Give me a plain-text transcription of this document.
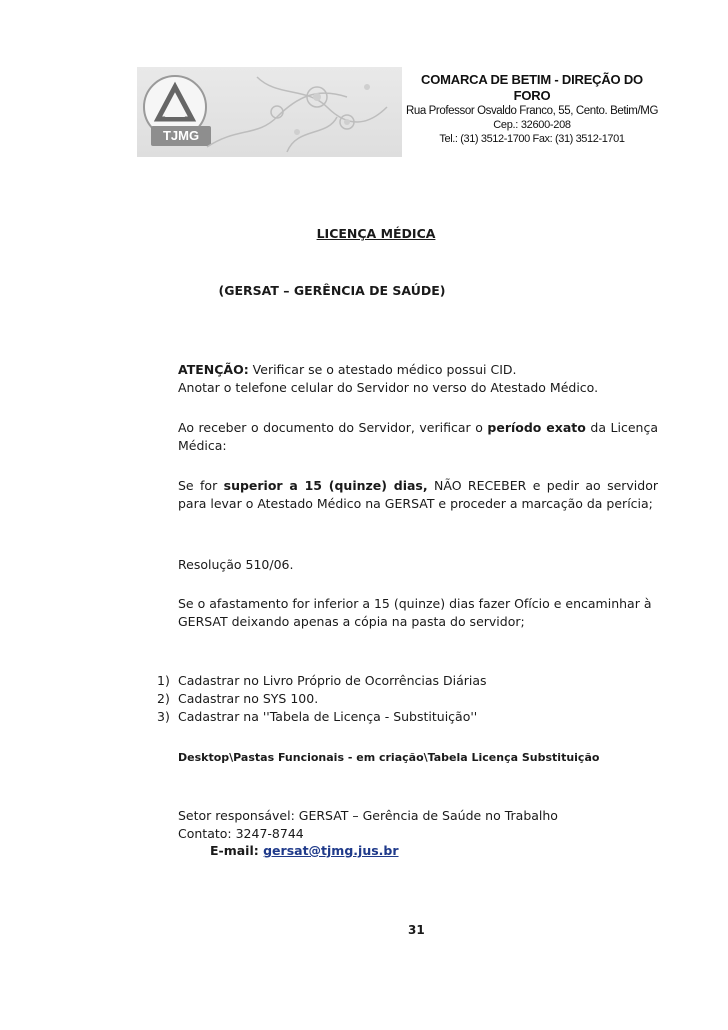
TJMG
COMARCA DE BETIM - DIREÇÃO DO FORO
Rua Professor Osvaldo Franco, 55, Cento. Betim/MG
Cep.: 32600-208
Tel.: (31) 3512-1700 Fax: (31) 3512-1701
LICENÇA MÉDICA
(GERSAT – GERÊNCIA DE SAÚDE)
ATENÇÃO: Verificar se o atestado médico possui CID.
Anotar o telefone celular do Servidor no verso do Atestado Médico.
Ao receber o documento do Servidor, verificar o período exato da Licença Médica:
Se for superior a 15 (quinze) dias, NÃO RECEBER e pedir ao servidor para levar o Atestado Médico na GERSAT e proceder a marcação da perícia;
Resolução 510/06.
Se o afastamento for inferior a 15 (quinze) dias fazer Ofício e encaminhar à GERSAT deixando apenas a cópia na pasta do servidor;
1) Cadastrar no Livro Próprio de Ocorrências Diárias
2) Cadastrar no SYS 100.
3) Cadastrar na ''Tabela de Licença - Substituição''
Desktop\Pastas Funcionais - em criação\Tabela Licença Substituição
Setor responsável: GERSAT – Gerência de Saúde no Trabalho
Contato: 3247-8744
E-mail: gersat@tjmg.jus.br
31
